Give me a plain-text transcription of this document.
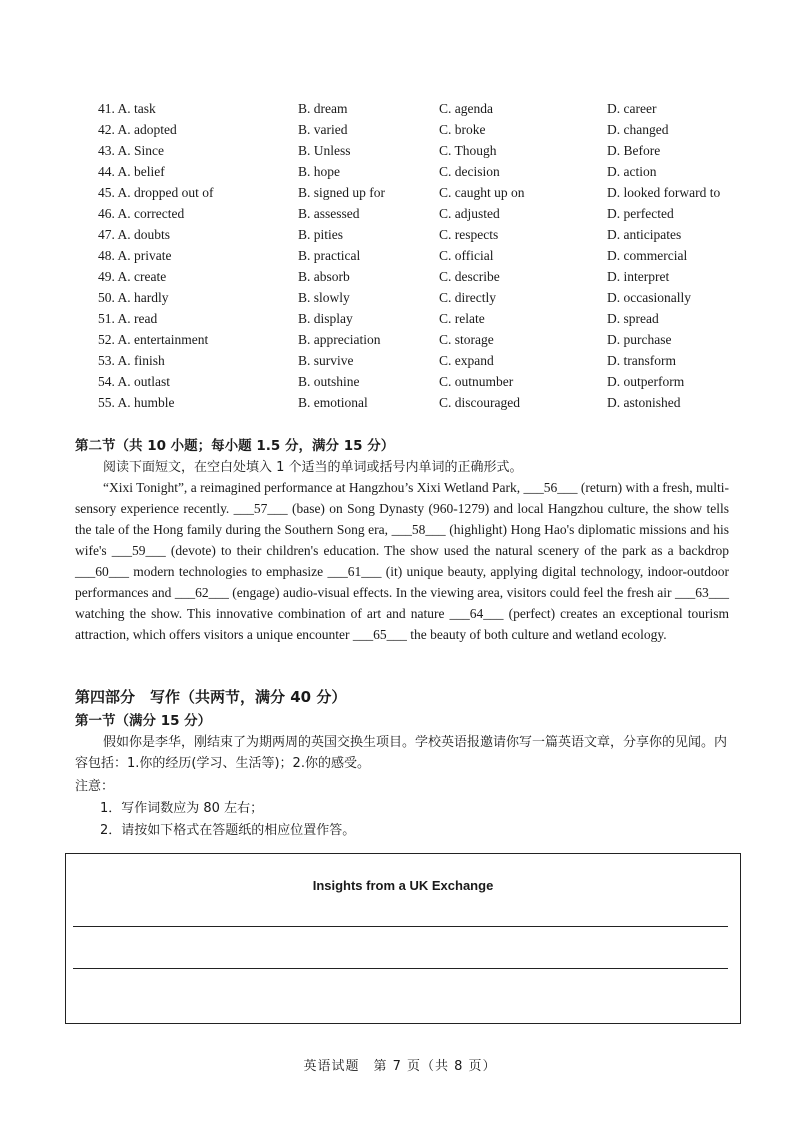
41. A. task	B. dream	C. agenda	D. career
42. A. adopted	B. varied	C. broke	D. changed
43. A. Since	B. Unless	C. Though	D. Before
44. A. belief	B. hope	C. decision	D. action
45. A. dropped out of	B. signed up for	C. caught up on	D. looked forward to
46. A. corrected	B. assessed	C. adjusted	D. perfected
47. A. doubts	B. pities	C. respects	D. anticipates
48. A. private	B. practical	C. official	D. commercial
49. A. create	B. absorb	C. describe	D. interpret
50. A. hardly	B. slowly	C. directly	D. occasionally
51. A. read	B. display	C. relate	D. spread
52. A. entertainment	B. appreciation	C. storage	D. purchase
53. A. finish	B. survive	C. expand	D. transform
54. A. outlast	B. outshine	C. outnumber	D. outperform
55. A. humble	B. emotional	C. discouraged	D. astonished
第二节（共 10 小题；每小题 1.5 分，满分 15 分）
阅读下面短文，在空白处填入 1 个适当的单词或括号内单词的正确形式。

“Xixi Tonight”, a reimagined performance at Hangzhou’s Xixi Wetland Park, ___56___ (return) with a fresh, multi-sensory experience recently. ___57___ (base) on Song Dynasty (960-1279) and local Hangzhou culture, the show tells the tale of the Hong family during the Southern Song era, ___58___ (highlight) Hong Hao's diplomatic missions and his wife's ___59___ (devote) to their children's education. The show used the natural scenery of the park as a backdrop ___60___ modern technologies to emphasize ___61___ (it) unique beauty, applying digital technology, indoor-outdoor performances and ___62___ (engage) audio-visual effects. In the viewing area, visitors could feel the fresh air ___63___ watching the show. This innovative combination of art and nature ___64___ (perfect) creates an exceptional tourism attraction, which offers visitors a unique encounter ___65___ the beauty of both culture and wetland ecology.

第四部分　写作（共两节，满分 40 分）
第一节（满分 15 分）

假如你是李华，刚结束了为期两周的英国交换生项目。学校英语报邀请你写一篇英语文章，分享你的见闻。内容包括：1.你的经历(学习、生活等)；2.你的感受。

注意：
1．写作词数应为 80 左右；
2．请按如下格式在答题纸的相应位置作答。
Insights from a UK Exchange
英语试题　第 7 页（共 8 页）
